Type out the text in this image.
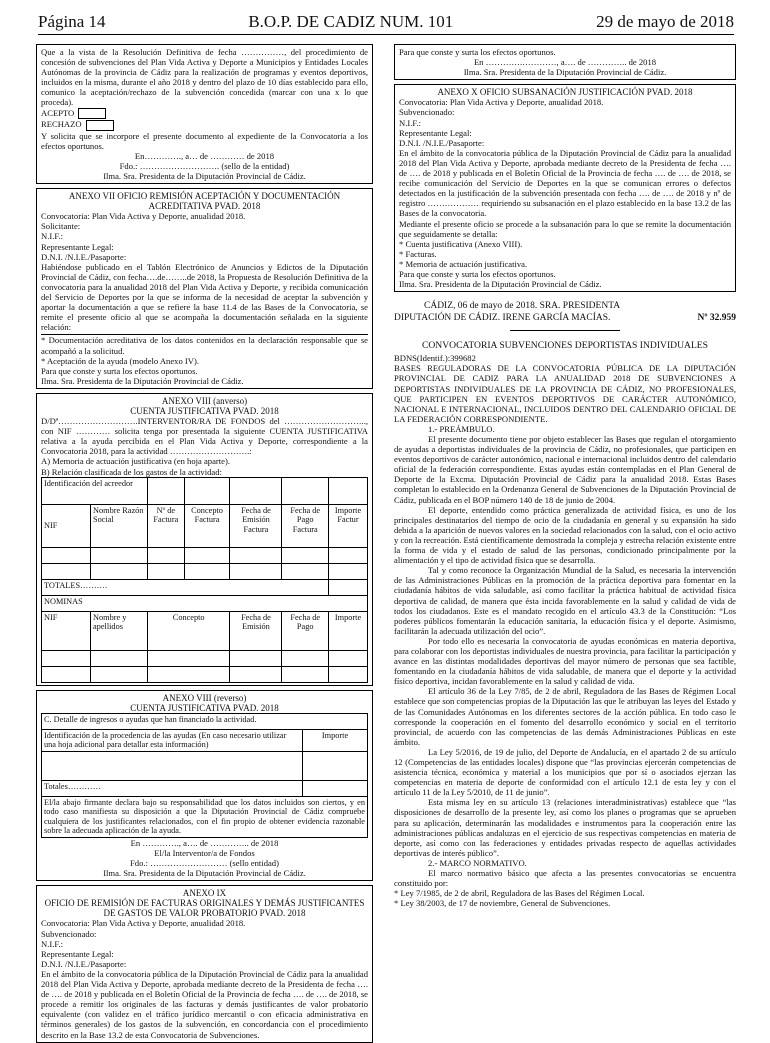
Página 14	B.O.P. DE CADIZ NUM. 101	29 de mayo de 2018

Que a la vista de la Resolución Definitiva de fecha ……………, del procedimiento de concesión de subvenciones del Plan Vida Activa y Deporte a Municipios y Entidades Locales Autónomas de la provincia de Cádiz para la realización de programas y eventos deportivos, incluidos en la misma, durante el año 2018 y dentro del plazo de 10 días establecido para ello, comunico la aceptación/rechazo de la subvención concedida (marcar con una x lo que proceda).

ACEPTO

RECHAZO

Y solicita que se incorpore el presente documento al expediente de la Convocatoria a los efectos oportunos.

En…………., a… de ………… de 2018

Fdo.: ………………………. (sello de la entidad)

Ilma. Sra. Presidenta de la Diputación Provincial de Cádiz.

ANEXO VII OFICIO REMISIÓN ACEPTACIÓN Y DOCUMENTACIÓN ACREDITATIVA PVAD. 2018

Convocatoria: Plan Vida Activa y Deporte, anualidad 2018.

Solicitante:

N.I.F.:

Representante Legal:

D.N.I. /N.I.E./Pasaporte:

Habiéndose publicado en el Tablón Electrónico de Anuncios y Edictos de la Diputación Provincial de Cádiz, con fecha….de……..de 2018, la Propuesta de Resolución Definitiva de la convocatoria para la anualidad 2018 del Plan Vida Activa y Deporte, y recibida comunicación del Servicio de Deportes por la que se informa de la necesidad de aceptar la subvención y aportar la documentación a que se refiere la base 11.4 de las Bases de la Convocatoria, se remite el presente oficio al que se acompaña la documentación señalada en la siguiente relación:

* Documentación acreditativa de los datos contenidos en la declaración responsable que se acompañó a la solicitud.

* Aceptación de la ayuda (modelo Anexo IV).

Para que conste y surta los efectos oportunos.

Ilma. Sra. Presidenta de la Diputación Provincial de Cádiz.

ANEXO VIII (anverso)

CUENTA JUSTIFICATIVA PVAD. 2018

D/Dª……………………….INTERVENTOR/RA DE FONDOS del ……………………….., con NIF ………… solicita tenga por presentada la siguiente CUENTA JUSTIFICATIVA relativa a la ayuda percibida en el Plan Vida Activa y Deporte, correspondiente a la Convocatoria 2018, para la actividad ……………………….:

A) Memoria de actuación justificativa (en hoja aparte).

B) Relación clasificada de los gastos de la actividad:

Identificación del acreedor						
NIF	Nombre Razón Social	Nº de Factura	Concepto Factura	Fecha de Emisión Factura	Fecha de Pago Factura	Importe Factur

TOTALES……….						
NOMINAS						
NIF	Nombre y apellidos	Concepto		Fecha de Emisión	Fecha de Pago	Importe

ANEXO VIII (reverso)

CUENTA JUSTIFICATIVA PVAD. 2018

C. Detalle de ingresos o ayudas que han financiado la actividad.	
Identificación de la procedencia de las ayudas (En caso necesario utilizar una hoja adicional para detallar esta información)	Importe

Totales…………	
El/la abajo firmante declara bajo su responsabilidad que los datos incluidos son ciertos, y en todo caso manifiesta su disposición a que la Diputación Provincial de Cádiz compruebe cualquiera de los justificantes relacionados, con el fin propio de obtener evidencia razonable sobre la adecuada aplicación de la ayuda.	

En …………., a…. de ………….. de 2018

El/la Interventor/a de Fondos

Fdo.: ……………………… (sello entidad)

Ilma. Sra. Presidenta de la Diputación Provincial de Cádiz.

ANEXO IX

OFICIO DE REMISIÓN DE FACTURAS ORIGINALES Y DEMÁS JUSTIFICANTES DE GASTOS DE VALOR PROBATORIO PVAD. 2018

Convocatoria: Plan Vida Activa y Deporte, anualidad 2018.

Subvencionado:

N.I.F.:

Representante Legal:

D.N.I. /N.I.E./Pasaporte:

En el ámbito de la convocatoria pública de la Diputación Provincial de Cádiz para la anualidad 2018 del Plan Vida Activa y Deporte, aprobada mediante decreto de la Presidenta de fecha …. de …. de 2018 y publicada en el Boletín Oficial de la Provincia de fecha …. de …. de 2018, se procede a remitir los originales de las facturas y demás justificantes de valor probatorio equivalente (con validez en el tráfico jurídico mercantil o con eficacia administrativa en términos generales) de los gastos de la subvención, en concordancia con el procedimiento descrito en la Base 13.2 de esta Convocatoria de Subvenciones.

Para que conste y surta los efectos oportunos.

En ………….…………, a…. de ………….. de 2018

Ilma. Sra. Presidenta de la Diputación Provincial de Cádiz.

ANEXO X OFICIO SUBSANACIÓN JUSTIFICACIÓN PVAD. 2018

Convocatoria: Plan Vida Activa y Deporte, anualidad 2018.

Subvencionado:

N.I.F.:

Representante Legal:

D.N.I. /N.I.E./Pasaporte:

En el ámbito de la convocatoria pública de la Diputación Provincial de Cádiz para la anualidad 2018 del Plan Vida Activa y Deporte, aprobada mediante decreto de la Presidenta de fecha …. de …. de 2018 y publicada en el Boletín Oficial de la Provincia de fecha …. de …. de 2018, se recibe comunicación del Servicio de Deportes en la que se comunican errores o defectos detectados en la justificación de la subvención presentada con fecha …. de …. de 2018 y nº de registro ……………… requiriendo su subsanación en el plazo establecido en la base 13.2 de las Bases de la convocatoria.

Mediante el presente oficio se procede a la subsanación para lo que se remite la documentación que seguidamente se detalla:

* Cuenta justificativa (Anexo VIII).

* Facturas.

* Memoria de actuación justificativa.

Para que conste y surta los efectos oportunos.

Ilma. Sra. Presidenta de la Diputación Provincial de Cádiz.

CÁDIZ, 06 de mayo de 2018. SRA. PRESIDENTA DIPUTACIÓN DE CÁDIZ. IRENE GARCÍA MACÍAS.	Nº 32.959

CONVOCATORIA SUBVENCIONES DEPORTISTAS INDIVIDUALES

BDNS(Identif.):399682

BASES REGULADORAS DE LA CONVOCATORIA PÚBLICA DE LA DIPUTACIÓN PROVINCIAL DE CADIZ PARA LA ANUALIDAD 2018 DE SUBVENCIONES A DEPORTISTAS INDIVIDUALES DE LA PROVINCIA DE CÁDIZ, NO PROFESIONALES, QUE PARTICIPEN EN EVENTOS DEPORTIVOS DE CARÁCTER AUTONÓMICO, NACIONAL E INTERNACIONAL, INCLUIDOS DENTRO DEL CALENDARIO OFICIAL DE LA FEDERACIÓN CORRESPONDIENTE.

1.- PREÁMBULO.

El presente documento tiene por objeto establecer las Bases que regulan el otorgamiento de ayudas a deportistas individuales de la provincia de Cádiz, no profesionales, que participen en eventos deportivos de carácter autonómico, nacional e internacional incluidos dentro del calendario oficial de la federación correspondiente. Estas ayudas están contempladas en el Plan General de Deporte de la Excma. Diputación Provincial de Cádiz para la anualidad 2018. Estas Bases completan lo establecido en la Ordenanza General de Subvenciones de la Diputación Provincial de Cádiz, publicada en el BOP número 140 de 18 de junio de 2004.

El deporte, entendido como práctica generalizada de actividad física, es uno de los principales destinatarios del tiempo de ocio de la ciudadanía en general y su expansión ha sido debida a la aparición de nuevos valores en la sociedad relacionados con la salud, con el ocio activo y con la recreación. Está científicamente demostrada la compleja y estrecha relación existente entre la forma de vida y el estado de salud de las personas, condicionado principalmente por la alimentación y el tipo de actividad física que se desarrolla.

Tal y como reconoce la Organización Mundial de la Salud, es necesaria la intervención de las Administraciones Públicas en la promoción de la práctica deportiva para fomentar en la ciudadanía hábitos de vida saludable, así como facilitar la práctica habitual de actividad física deportiva de calidad, de manera que ésta incida favorablemente en la salud y calidad de vida de todos los ciudadanos. Este es el mandato recogido en el artículo 43.3 de la Constitución: “Los poderes públicos fomentarán la educación sanitaria, la educación física y el deporte. Asimismo, facilitarán la adecuada utilización del ocio”.

Por todo ello es necesaria la convocatoria de ayudas económicas en materia deportiva, para colaborar con los deportistas individuales de nuestra provincia, para facilitar la participación y avance en las distintas modalidades deportivas del mayor número de personas que sea factible, fomentando en la ciudadanía hábitos de vida saludable, de manera que el deporte y la actividad físico deportiva, incidan favorablemente en la salud y calidad de vida.

El artículo 36 de la Ley 7/85, de 2 de abril, Reguladora de las Bases de Régimen Local establece que son competencias propias de la Diputación las que le atribuyan las leyes del Estado y de las Comunidades Autónomas en los diferentes sectores de la acción pública. En todo caso le corresponde la cooperación en el fomento del desarrollo económico y social en el territorio provincial, de acuerdo con las competencias de las demás Administraciones Públicas en este ámbito.

La Ley 5/2016, de 19 de julio, del Deporte de Andalucía, en el apartado 2 de su artículo 12 (Competencias de las entidades locales) dispone que “las provincias ejercerán competencias de asistencia técnica, económica y material a los municipios que por sí o asociados ejerzan las competencias en materia de deporte de conformidad con el artículo 12.1 de esta ley y con el artículo 11 de la Ley 5/2010, de 11 de junio”.

Esta misma ley en su artículo 13 (relaciones interadministrativas) establece que “las disposiciones de desarrollo de la presente ley, así como los planes o programas que se aprueben para su aplicación, determinarán las modalidades e instrumentos para la cooperación entre las administraciones públicas andaluzas en el ejercicio de sus respectivas competencias en materia de deporte, así como con las federaciones y entidades privadas respecto de aquellas actividades deportivas de interés público”.

2.- MARCO NORMATIVO.

El marco normativo básico que afecta a las presentes convocatorias se encuentra constituido por:

* Ley 7/1985, de 2 de abril, Reguladora de las Bases del Régimen Local.

* Ley 38/2003, de 17 de noviembre, General de Subvenciones.
